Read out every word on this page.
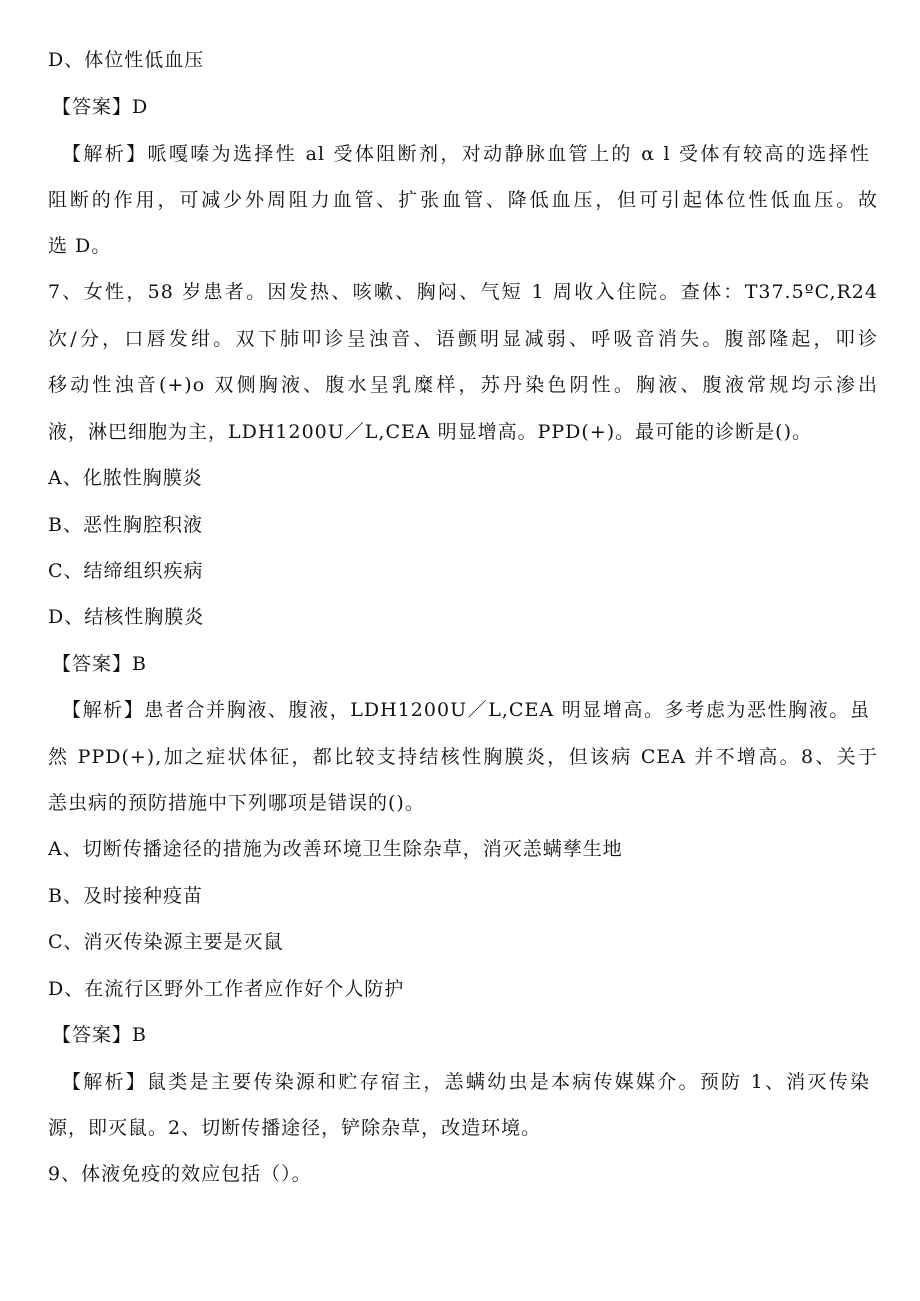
D、体位性低血压
【答案】D
【解析】哌嘎嗪为选择性 al 受体阻断剂，对动静脉血管上的 α l 受体有较高的选择性
阻断的作用，可减少外周阻力血管、扩张血管、降低血压，但可引起体位性低血压。故
选 D。
7、女性，58 岁患者。因发热、咳嗽、胸闷、气短 1 周收入住院。查体：T37.5ºC,R24
次/分，口唇发绀。双下肺叩诊呈浊音、语颤明显减弱、呼吸音消失。腹部隆起，叩诊
移动性浊音(+)o 双侧胸液、腹水呈乳糜样，苏丹染色阴性。胸液、腹液常规均示渗出
液，淋巴细胞为主，LDH1200U／L,CEA 明显增高。PPD(+)。最可能的诊断是()。
A、化脓性胸膜炎
B、恶性胸腔积液
C、结缔组织疾病
D、结核性胸膜炎
【答案】B
【解析】患者合并胸液、腹液，LDH1200U／L,CEA 明显增高。多考虑为恶性胸液。虽
然 PPD(+),加之症状体征，都比较支持结核性胸膜炎，但该病 CEA 并不增高。8、关于
恙虫病的预防措施中下列哪项是错误的()。
A、切断传播途径的措施为改善环境卫生除杂草，消灭恙螨孳生地
B、及时接种疫苗
C、消灭传染源主要是灭鼠
D、在流行区野外工作者应作好个人防护
【答案】B
【解析】鼠类是主要传染源和贮存宿主，恙螨幼虫是本病传媒媒介。预防 1、消灭传染
源，即灭鼠。2、切断传播途径，铲除杂草，改造环境。
9、体液免疫的效应包括（）。
